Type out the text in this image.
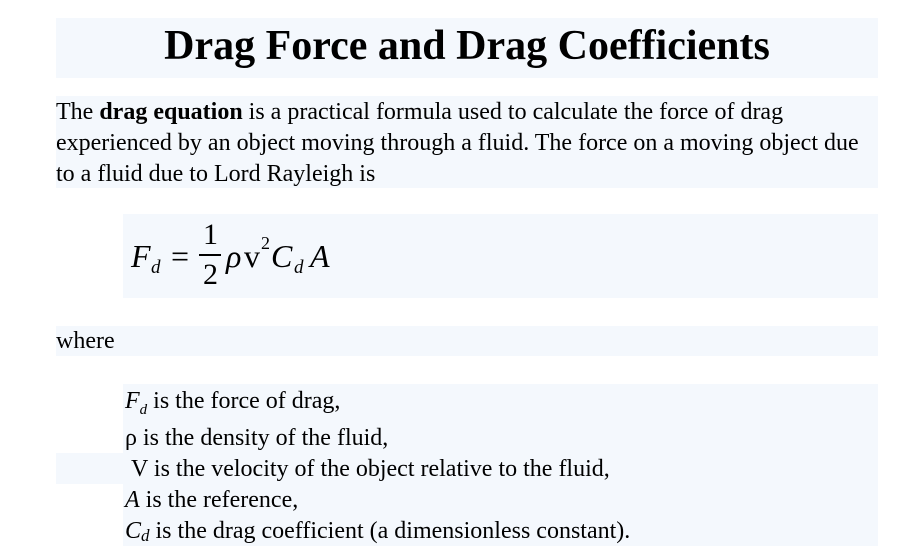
Drag Force and Drag Coefficients
The drag equation is a practical formula used to calculate the force of drag experienced by an object moving through a fluid. The force on a moving object due to a fluid due to Lord Rayleigh is
F d =
1
2
ρ v 2 C d A
where
$F_d$ is the force of drag,
ρ is the density of the fluid,
V is the velocity of the object relative to the fluid,
A is the reference,
Cd is the drag coefficient (a dimensionless constant).
